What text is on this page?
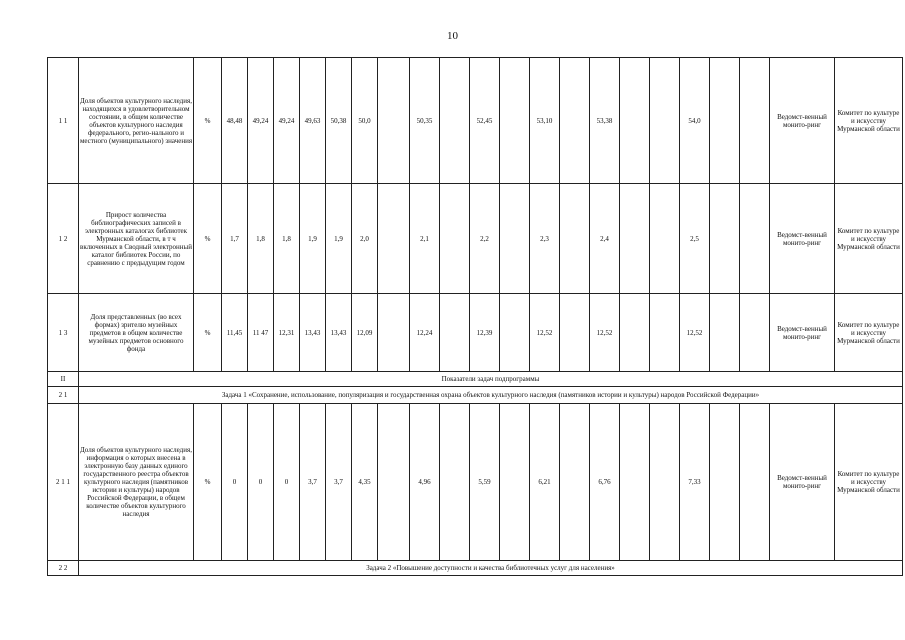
10
1 1	Доля объектов культурного наследия, находящихся в удовлетворительном состоянии, в общем количестве объектов культурного наследия федерального, регио-нального и местного (муниципального) значения	%	48,48	49,24	49,24	49,63	50,38	50,0		50,35		52,45		53,10		53,38			54,0			Ведомст-венный монито-ринг	Комитет по культуре и искусству Мурманской области
1 2	Прирост количества библиографических записей в электронных каталогах библиотек Мурманской области, в т ч включенных в Сводный электронный каталог библиотек России, по сравнению с предыдущим годом	%	1,7	1,8	1,8	1,9	1,9	2,0		2,1		2,2		2,3		2,4			2,5			Ведомст-венный монито-ринг	Комитет по культуре и искусству Мурманской области
1 3	Доля представленных (во всех формах) зрителю музейных предметов в общем количестве музейных предметов основного фонда	%	11,45	11 47	12,31	13,43	13,43	12,09		12,24		12,39		12,52		12,52			12,52			Ведомст-венный монито-ринг	Комитет по культуре и искусству Мурманской области
II	Показатели задач подпрограммы																						
2 1	Задача 1 «Сохранение, использование, популяризация и государственная охрана объектов культурного наследия (памятников истории и культуры) народов Российской Федерации»																						
2 1 1	Доля объектов культурного наследия, информация о которых внесена в электронную базу данных единого государственного реестра объектов культурного наследия (памятников истории и культуры) народов Российской Федерации, в общем количестве объектов культурного наследия	%	0	0	0	3,7	3,7	4,35		4,96		5,59		6,21		6,76			7,33			Ведомст-венный монито-ринг	Комитет по культуре и искусству Мурманской области
2 2	Задача 2 «Повышение доступности и качества библиотечных услуг для населения»																						
